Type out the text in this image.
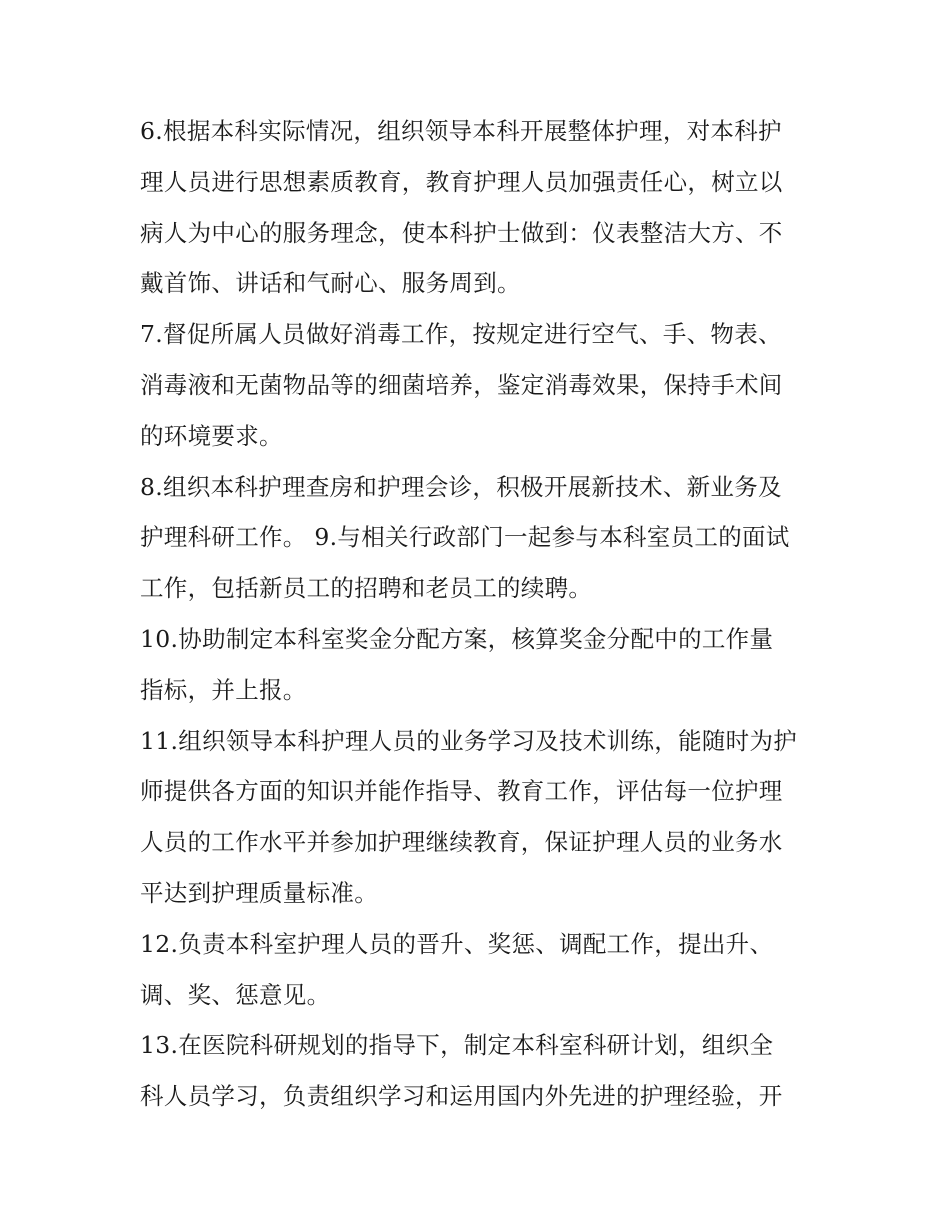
6.根据本科实际情况，组织领导本科开展整体护理，对本科护
理人员进行思想素质教育，教育护理人员加强责任心，树立以
病人为中心的服务理念，使本科护士做到：仪表整洁大方、不
戴首饰、讲话和气耐心、服务周到。
7.督促所属人员做好消毒工作，按规定进行空气、手、物表、
消毒液和无菌物品等的细菌培养，鉴定消毒效果，保持手术间
的环境要求。
8.组织本科护理查房和护理会诊，积极开展新技术、新业务及
护理科研工作。 9.与相关行政部门一起参与本科室员工的面试
工作，包括新员工的招聘和老员工的续聘。
10.协助制定本科室奖金分配方案，核算奖金分配中的工作量
指标，并上报。
11.组织领导本科护理人员的业务学习及技术训练，能随时为护
师提供各方面的知识并能作指导、教育工作，评估每一位护理
人员的工作水平并参加护理继续教育，保证护理人员的业务水
平达到护理质量标准。
12.负责本科室护理人员的晋升、奖惩、调配工作，提出升、
调、奖、惩意见。
13.在医院科研规划的指导下，制定本科室科研计划，组织全
科人员学习，负责组织学习和运用国内外先进的护理经验，开
